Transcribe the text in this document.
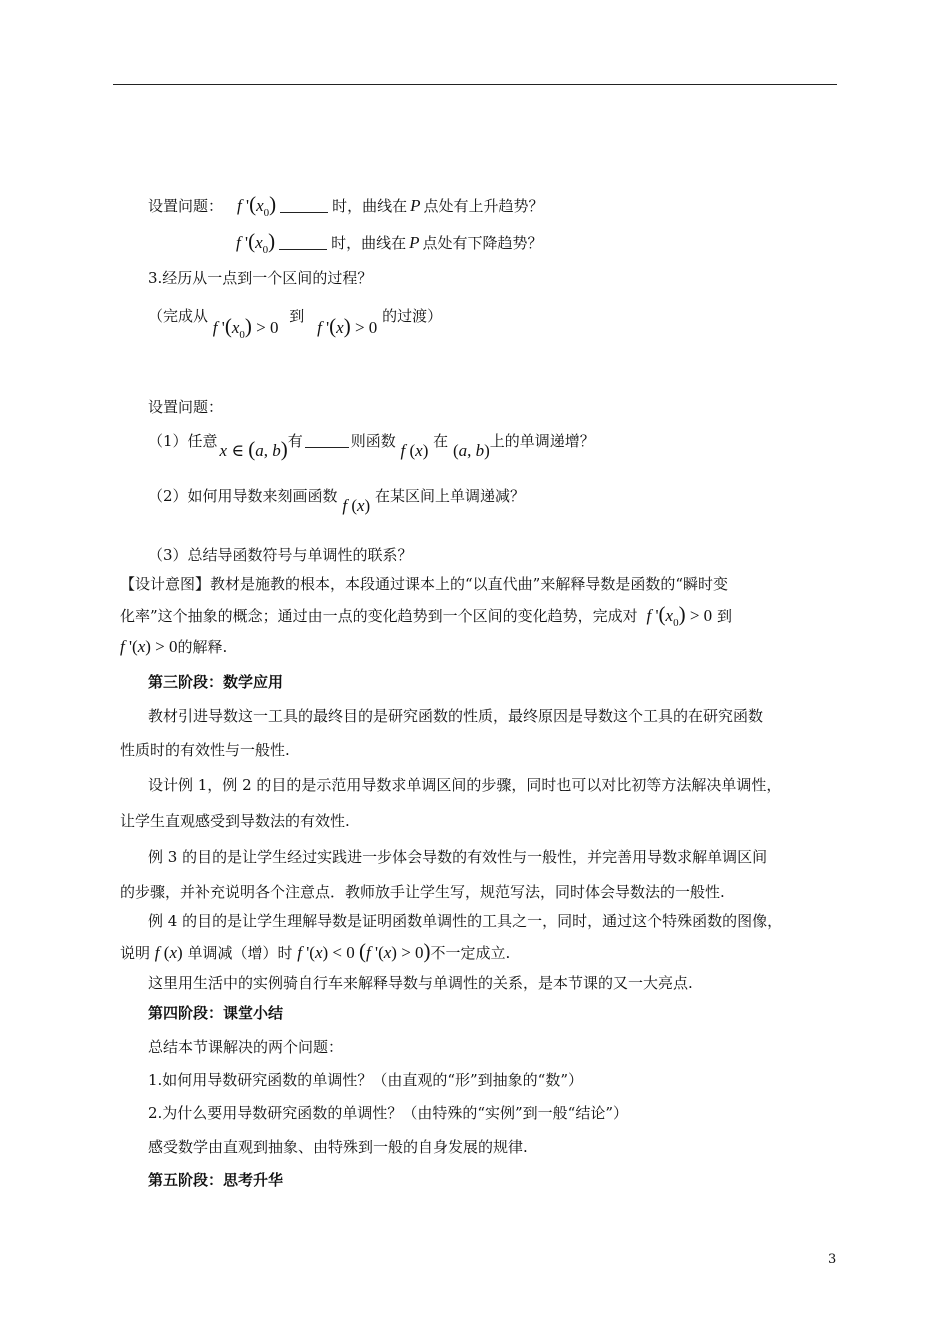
设置问题： f '$(x_0)$	时，曲线在 P 点处有上升趋势？
f '$(x_0)$	时，曲线在 P 点处有下降趋势？
3.经历从一点到一个区间的过程？
（完成从 f '$(x_0) > 0$ 到 f '(x) > 0 的过渡）
设置问题：
（1）任意 x ∈ (a, b)有	则函数 f (x) 在 (a, b)上的单调递增？
（2）如何用导数来刻画函数 f (x) 在某区间上单调递减？
（3）总结导函数符号与单调性的联系？
【设计意图】教材是施教的根本，本段通过课本上的“以直代曲”来解释导数是函数的“瞬时变
化率”这个抽象的概念；通过由一点的变化趋势到一个区间的变化趋势，完成对 f '$(x_0) > 0$ 到
f '(x) > 0的解释.
第三阶段：数学应用
教材引进导数这一工具的最终目的是研究函数的性质，最终原因是导数这个工具的在研究函数
性质时的有效性与一般性.
设计例 1，例 2 的目的是示范用导数求单调区间的步骤，同时也可以对比初等方法解决单调性，
让学生直观感受到导数法的有效性.
例 3 的目的是让学生经过实践进一步体会导数的有效性与一般性，并完善用导数求解单调区间
的步骤，并补充说明各个注意点．教师放手让学生写，规范写法，同时体会导数法的一般性.
例 4 的目的是让学生理解导数是证明函数单调性的工具之一，同时，通过这个特殊函数的图像，
说明 f (x) 单调减（增）时 f '(x) < 0 (f '(x) > 0)不一定成立.
这里用生活中的实例骑自行车来解释导数与单调性的关系，是本节课的又一大亮点.
第四阶段：课堂小结
总结本节课解决的两个问题：
1.如何用导数研究函数的单调性？（由直观的“形”到抽象的“数”）
2.为什么要用导数研究函数的单调性？（由特殊的“实例”到一般“结论”）
感受数学由直观到抽象、由特殊到一般的自身发展的规律.
第五阶段：思考升华
3
